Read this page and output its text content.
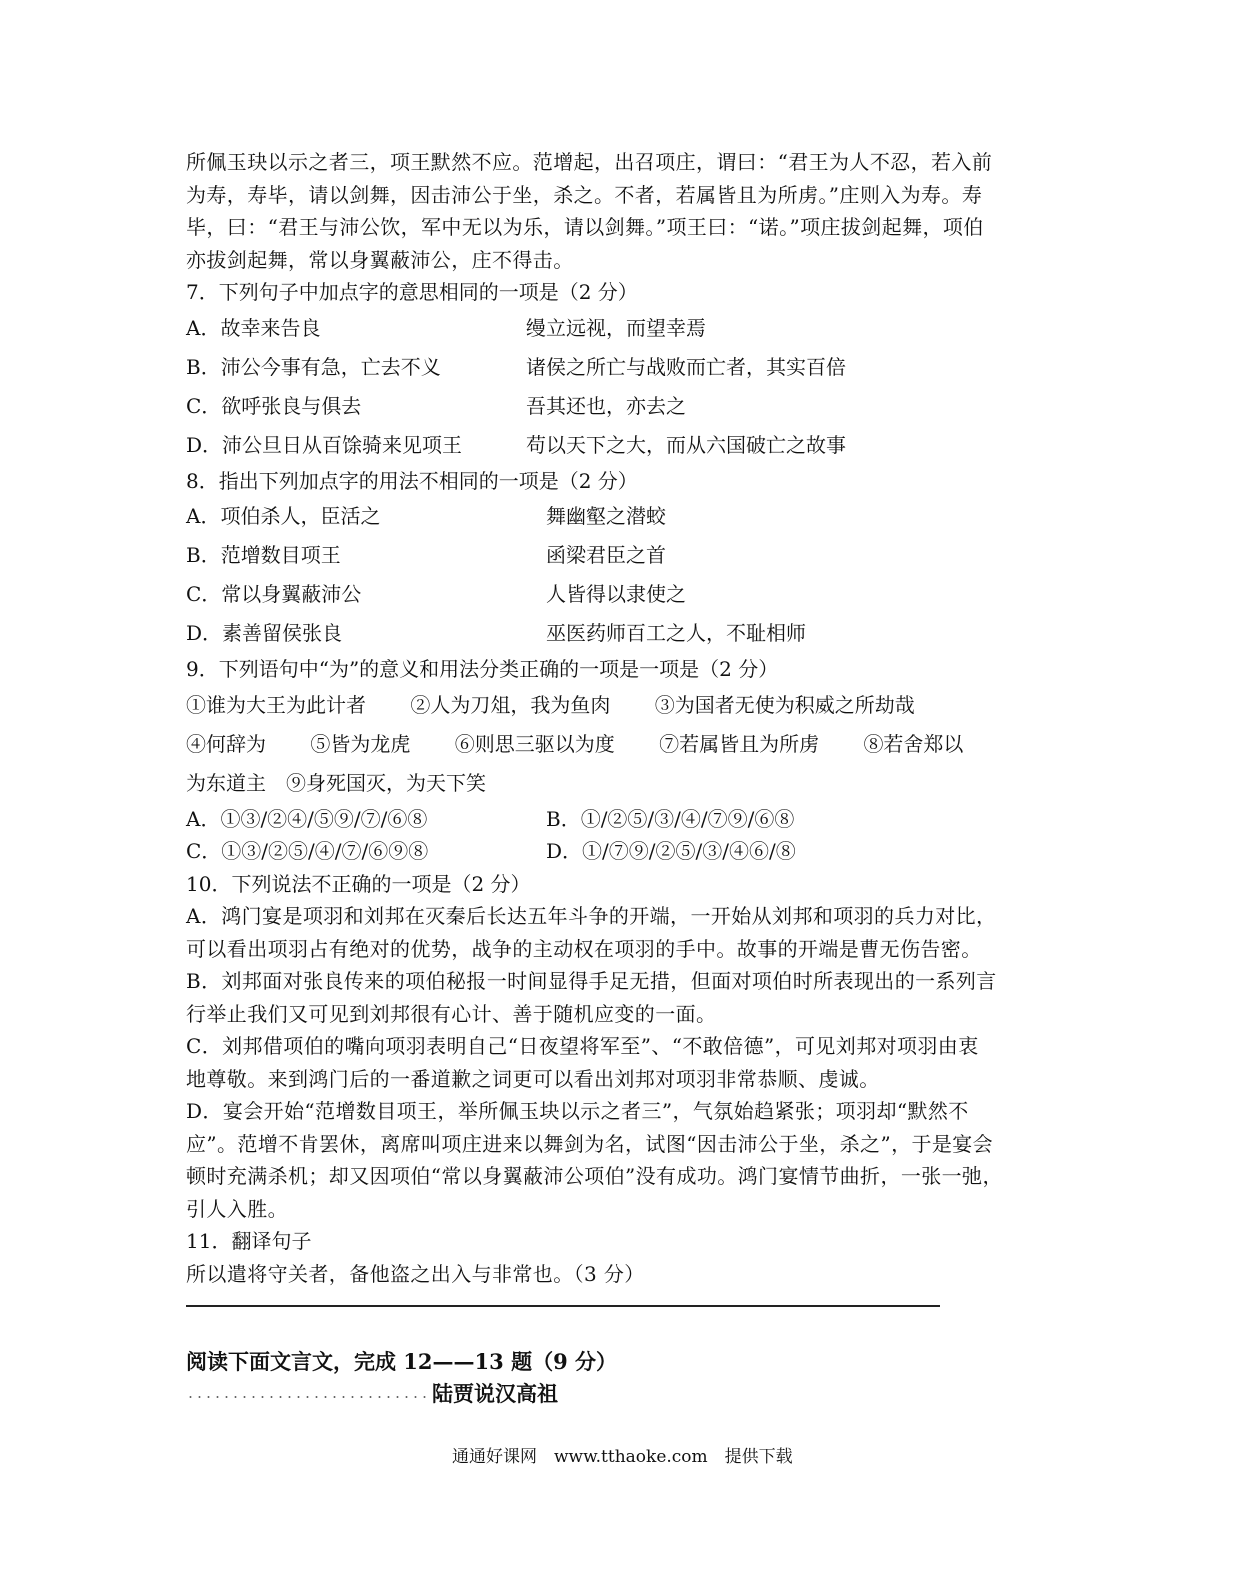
所佩玉玦以示之者三，项王默然不应。范增起，出召项庄，谓曰：“君王为人不忍，若入前
为寿，寿毕，请以剑舞，因击沛公于坐，杀之。不者，若属皆且为所虏。”庄则入为寿。寿
毕，曰：“君王与沛公饮，军中无以为乐，请以剑舞。”项王曰：“诺。”项庄拔剑起舞，项伯
亦拔剑起舞，常以身翼蔽沛公，庄不得击。
7．下列句子中加点字的意思相同的一项是（2 分）
A．故幸来告良	缦立远视，而望幸焉
B．沛公今事有急，亡去不义	诸侯之所亡与战败而亡者，其实百倍
C．欲呼张良与俱去	吾其还也，亦去之
D．沛公旦日从百馀骑来见项王	苟以天下之大，而从六国破亡之故事
8．指出下列加点字的用法不相同的一项是（2 分）
A．项伯杀人，臣活之	舞幽壑之潜蛟
B．范增数目项王	函梁君臣之首
C．常以身翼蔽沛公	人皆得以隶使之
D．素善留侯张良	巫医药师百工之人，不耻相师
9．下列语句中“为”的意义和用法分类正确的一项是一项是（2 分）
①谁为大王为此计者 ②人为刀俎，我为鱼肉 ③为国者无使为积威之所劫哉
④何辞为 ⑤皆为龙虎 ⑥则思三驱以为度 ⑦若属皆且为所虏 ⑧若舍郑以
为东道主　⑨身死国灭，为天下笑
A．①③/②④/⑤⑨/⑦/⑥⑧	B．①/②⑤/③/④/⑦⑨/⑥⑧
C．①③/②⑤/④/⑦/⑥⑨⑧	D．①/⑦⑨/②⑤/③/④⑥/⑧
10．下列说法不正确的一项是（2 分）
A．鸿门宴是项羽和刘邦在灭秦后长达五年斗争的开端，一开始从刘邦和项羽的兵力对比，
可以看出项羽占有绝对的优势，战争的主动权在项羽的手中。故事的开端是曹无伤告密。
B．刘邦面对张良传来的项伯秘报一时间显得手足无措，但面对项伯时所表现出的一系列言
行举止我们又可见到刘邦很有心计、善于随机应变的一面。
C．刘邦借项伯的嘴向项羽表明自己“日夜望将军至”、“不敢倍德”，可见刘邦对项羽由衷
地尊敬。来到鸿门后的一番道歉之词更可以看出刘邦对项羽非常恭顺、虔诚。
D．宴会开始“范增数目项王，举所佩玉块以示之者三”，气氛始趋紧张；项羽却“默然不
应”。范增不肯罢休，离席叫项庄进来以舞剑为名，试图“因击沛公于坐，杀之”，于是宴会
顿时充满杀机；却又因项伯“常以身翼蔽沛公项伯”没有成功。鸿门宴情节曲折，一张一弛，
引人入胜。
11．翻译句子
所以遣将守关者，备他盗之出入与非常也。（3 分）
阅读下面文言文，完成 12——13 题（9 分）
陆贾说汉高祖
通通好课网　www.tthaoke.com　提供下载
